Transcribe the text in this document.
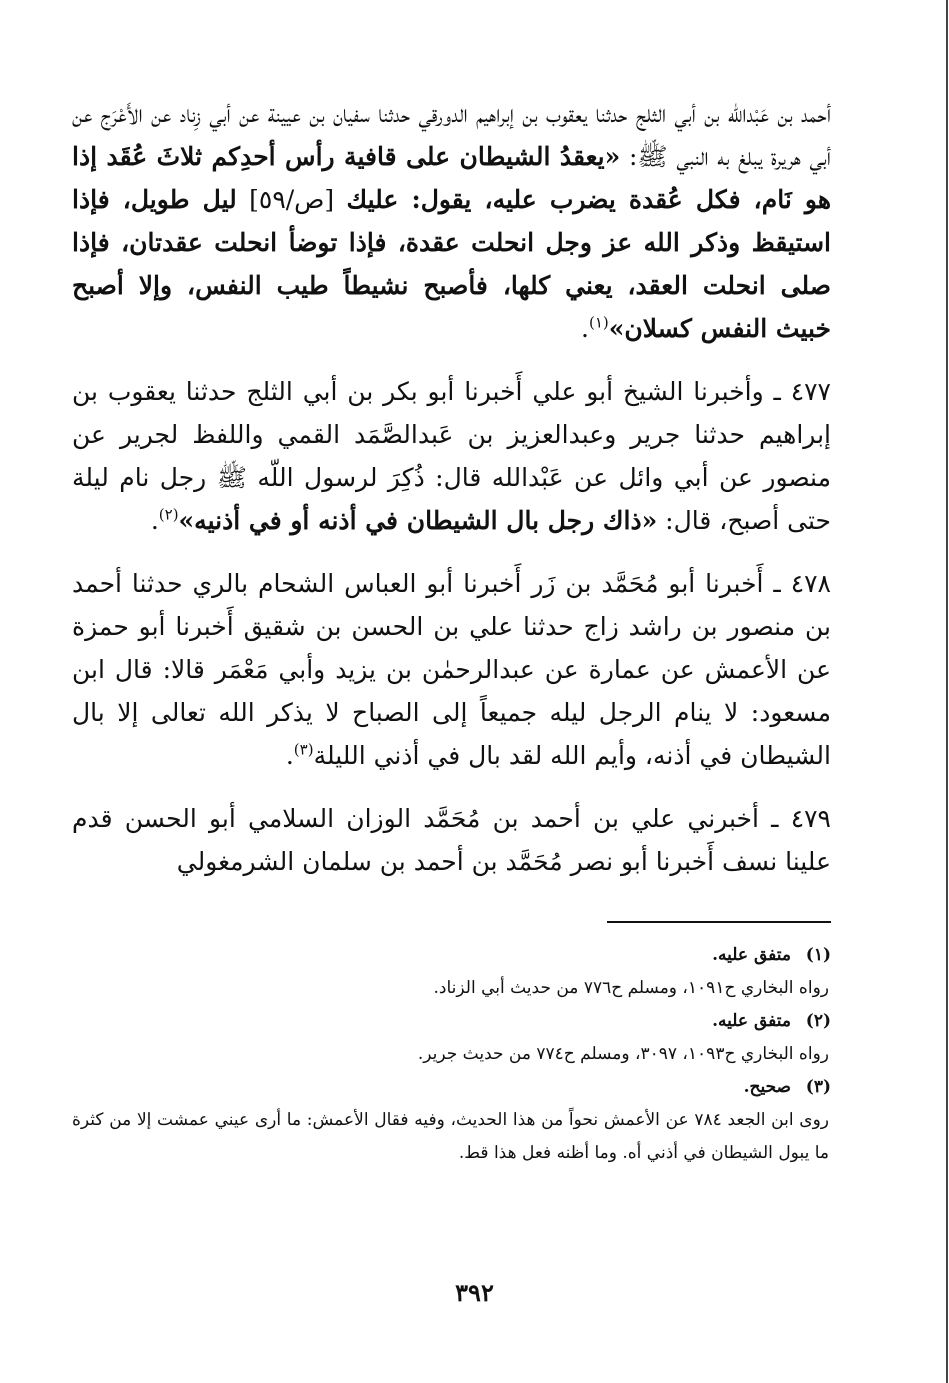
أحمد بن عَبْدالله بن أبي الثلج حدثنا يعقوب بن إبراهيم الدورقي حدثنا سفيان بن عيينة عن أبي زِناد عن الأَعْرَج عن أبي هريرة يبلغ به النبي ﷺ: «يعقدُ الشيطان على قافية رأس أحدِكم ثلاثَ عُقَد إذا هو نَام، فكل عُقدة يضرب عليه، يقول: عليك [ص/٥٩] ليل طويل، فإذا استيقظ وذكر الله عز وجل انحلت عقدة، فإذا توضأ انحلت عقدتان، فإذا صلى انحلت العقد، يعني كلها، فأصبح نشيطاً طيب النفس، وإلا أصبح خبيث النفس كسلان»$^{(١)}$.

٤٧٧ ـ وأخبرنا الشيخ أبو علي أَخبرنا أبو بكر بن أبي الثلج حدثنا يعقوب بن إبراهيم حدثنا جرير وعبدالعزيز بن عَبدالصَّمَد القمي واللفظ لجرير عن منصور عن أبي وائل عن عَبْدالله قال: ذُكِرَ لرسول اللّه ﷺ رجل نام ليلة حتى أصبح، قال: «ذاك رجل بال الشيطان في أذنه أو في أذنيه»$^{(٢)}$.

٤٧٨ ـ أَخبرنا أبو مُحَمَّد بن زَر أَخبرنا أبو العباس الشحام بالري حدثنا أحمد بن منصور بن راشد زاج حدثنا علي بن الحسن بن شقيق أَخبرنا أبو حمزة عن الأعمش عن عمارة عن عبدالرحمٰن بن يزيد وأبي مَعْمَر قالا: قال ابن مسعود: لا ينام الرجل ليله جميعاً إلى الصباح لا يذكر الله تعالى إلا بال الشيطان في أذنه، وأيم الله لقد بال في أذني الليلة$^{(٣)}$.

٤٧٩ ـ أخبرني علي بن أحمد بن مُحَمَّد الوزان السلامي أبو الحسن قدم علينا نسف أَخبرنا أبو نصر مُحَمَّد بن أحمد بن سلمان الشرمغولي

(١)متفق عليه.
رواه البخاري ح١٠٩١، ومسلم ح٧٧٦ من حديث أبي الزناد.
(٢)متفق عليه.
رواه البخاري ح١٠٩٣، ٣٠٩٧، ومسلم ح٧٧٤ من حديث جرير.
(٣)صحيح.
روى ابن الجعد ٧٨٤ عن الأعمش نحواً من هذا الحديث، وفيه فقال الأعمش: ما أرى عيني عمشت إلا من كثرة ما يبول الشيطان في أذني أه. وما أظنه فعل هذا قط.
٣٩٢
